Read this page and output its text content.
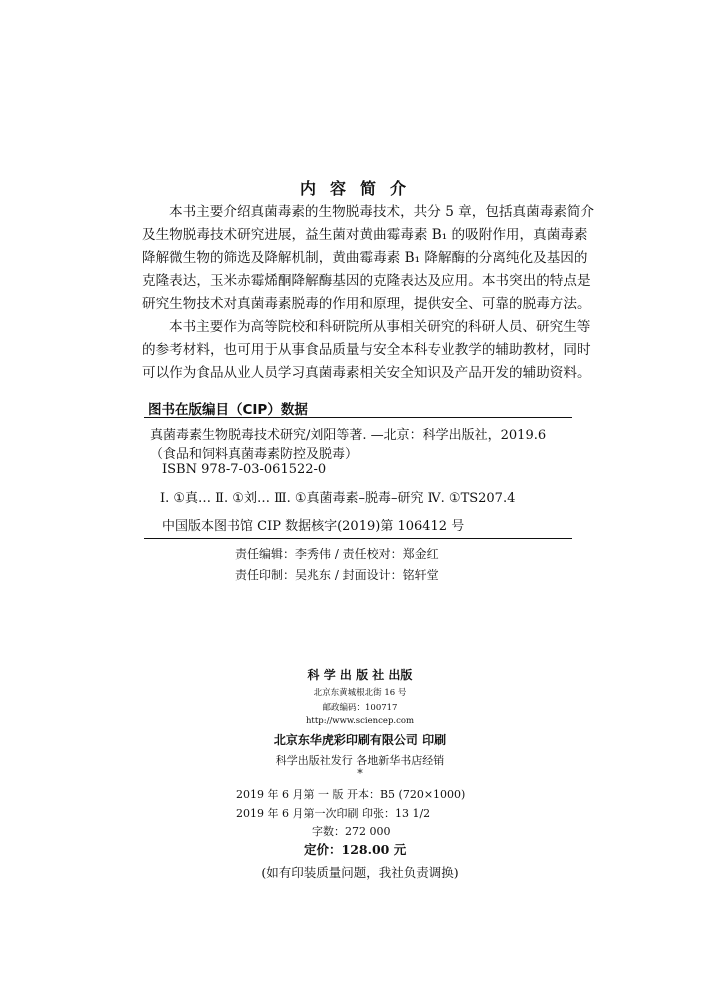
内容简介
本书主要介绍真菌毒素的生物脱毒技术，共分 5 章，包括真菌毒素简介
及生物脱毒技术研究进展，益生菌对黄曲霉毒素 B₁ 的吸附作用，真菌毒素
降解微生物的筛选及降解机制，黄曲霉毒素 B₁ 降解酶的分离纯化及基因的
克隆表达，玉米赤霉烯酮降解酶基因的克隆表达及应用。本书突出的特点是
研究生物技术对真菌毒素脱毒的作用和原理，提供安全、可靠的脱毒方法。
本书主要作为高等院校和科研院所从事相关研究的科研人员、研究生等
的参考材料，也可用于从事食品质量与安全本科专业教学的辅助教材，同时
可以作为食品从业人员学习真菌毒素相关安全知识及产品开发的辅助资料。
图书在版编目（CIP）数据
真菌毒素生物脱毒技术研究/刘阳等著. —北京：科学出版社，2019.6
（食品和饲料真菌毒素防控及脱毒）
ISBN 978-7-03-061522-0
Ⅰ. ①真… Ⅱ. ①刘… Ⅲ. ①真菌毒素–脱毒–研究 Ⅳ. ①TS207.4
中国版本图书馆 CIP 数据核字(2019)第 106412 号
责任编辑：李秀伟 / 责任校对：郑金红
责任印制：吴兆东 / 封面设计：铭轩堂
科 学 出 版 社 出版
北京东黄城根北街 16 号
邮政编码：100717
http://www.sciencep.com
北京东华虎彩印刷有限公司 印刷
科学出版社发行 各地新华书店经销
*
2019 年 6 月第 一 版 开本：B5 (720×1000)
2019 年 6 月第一次印刷 印张：13 1/2
字数：272 000
定价：128.00 元
(如有印装质量问题，我社负责调换)
